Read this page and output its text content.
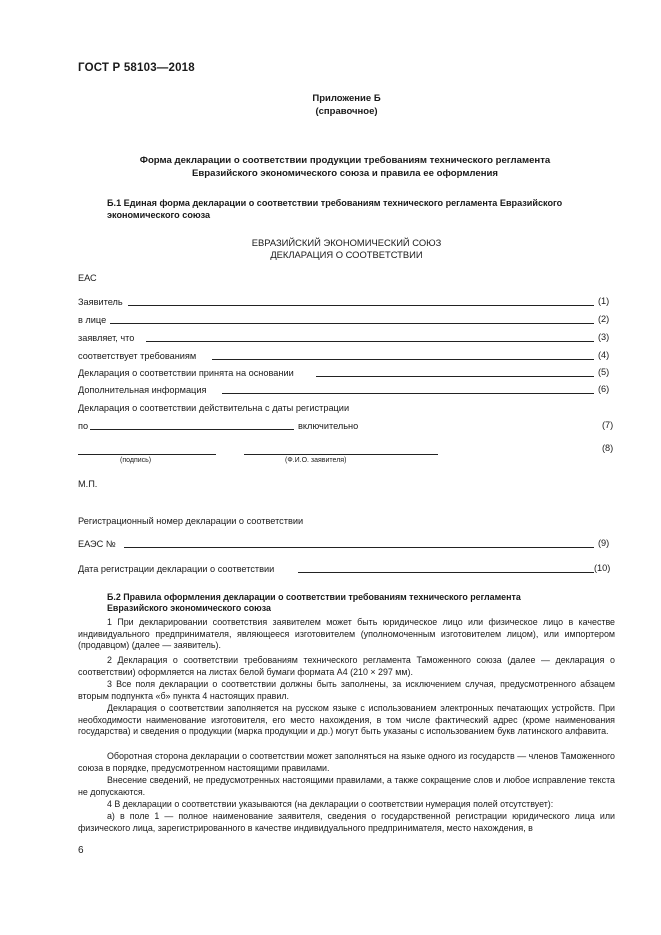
ГОСТ Р 58103—2018
Приложение Б
(справочное)
Форма декларации о соответствии продукции требованиям технического регламента
Евразийского экономического союза и правила ее оформления
Б.1 Единая форма декларации о соответствии требованиям технического регламента Евразийского
экономического союза
ЕВРАЗИЙСКИЙ ЭКОНОМИЧЕСКИЙ СОЮЗ
ДЕКЛАРАЦИЯ О СООТВЕТСТВИИ
ЕАС
Заявитель	(1)
в лице	(2)
заявляет, что	(3)
соответствует требованиям	(4)
Декларация о соответствии принята на основании	(5)
Дополнительная информация	(6)
Декларация о соответствии действительна с даты регистрации
по	включительно	(7)
(8)
(подпись)	(Ф.И.О. заявителя)
М.П.
Регистрационный номер декларации о соответствии
ЕАЭС №	(9)
Дата регистрации декларации о соответствии	(10)
Б.2 Правила оформления декларации о соответствии требованиям технического регламента
Евразийского экономического союза

1 При декларировании соответствия заявителем может быть юридическое лицо или физическое лицо в качестве индивидуального предпринимателя, являющееся изготовителем (уполномоченным изготовителем лицом), или импортером (продавцом) (далее — заявитель).

2 Декларация о соответствии требованиям технического регламента Таможенного союза (далее — декларация о соответствии) оформляется на листах белой бумаги формата А4 (210 × 297 мм).

3 Все поля декларации о соответствии должны быть заполнены, за исключением случая, предусмотренного абзацем вторым подпункта «б» пункта 4 настоящих правил.

Декларация о соответствии заполняется на русском языке с использованием электронных печатающих устройств. При необходимости наименование изготовителя, его место нахождения, в том числе фактический адрес (кроме наименования государства) и сведения о продукции (марка продукции и др.) могут быть указаны с использованием букв латинского алфавита.

Оборотная сторона декларации о соответствии может заполняться на языке одного из государств — членов Таможенного союза в порядке, предусмотренном настоящими правилами.

Внесение сведений, не предусмотренных настоящими правилами, а также сокращение слов и любое исправление текста не допускаются.

4 В декларации о соответствии указываются (на декларации о соответствии нумерация полей отсутствует):

а) в поле 1 — полное наименование заявителя, сведения о государственной регистрации юридического лица или физического лица, зарегистрированного в качестве индивидуального предпринимателя, место нахождения, в

6
